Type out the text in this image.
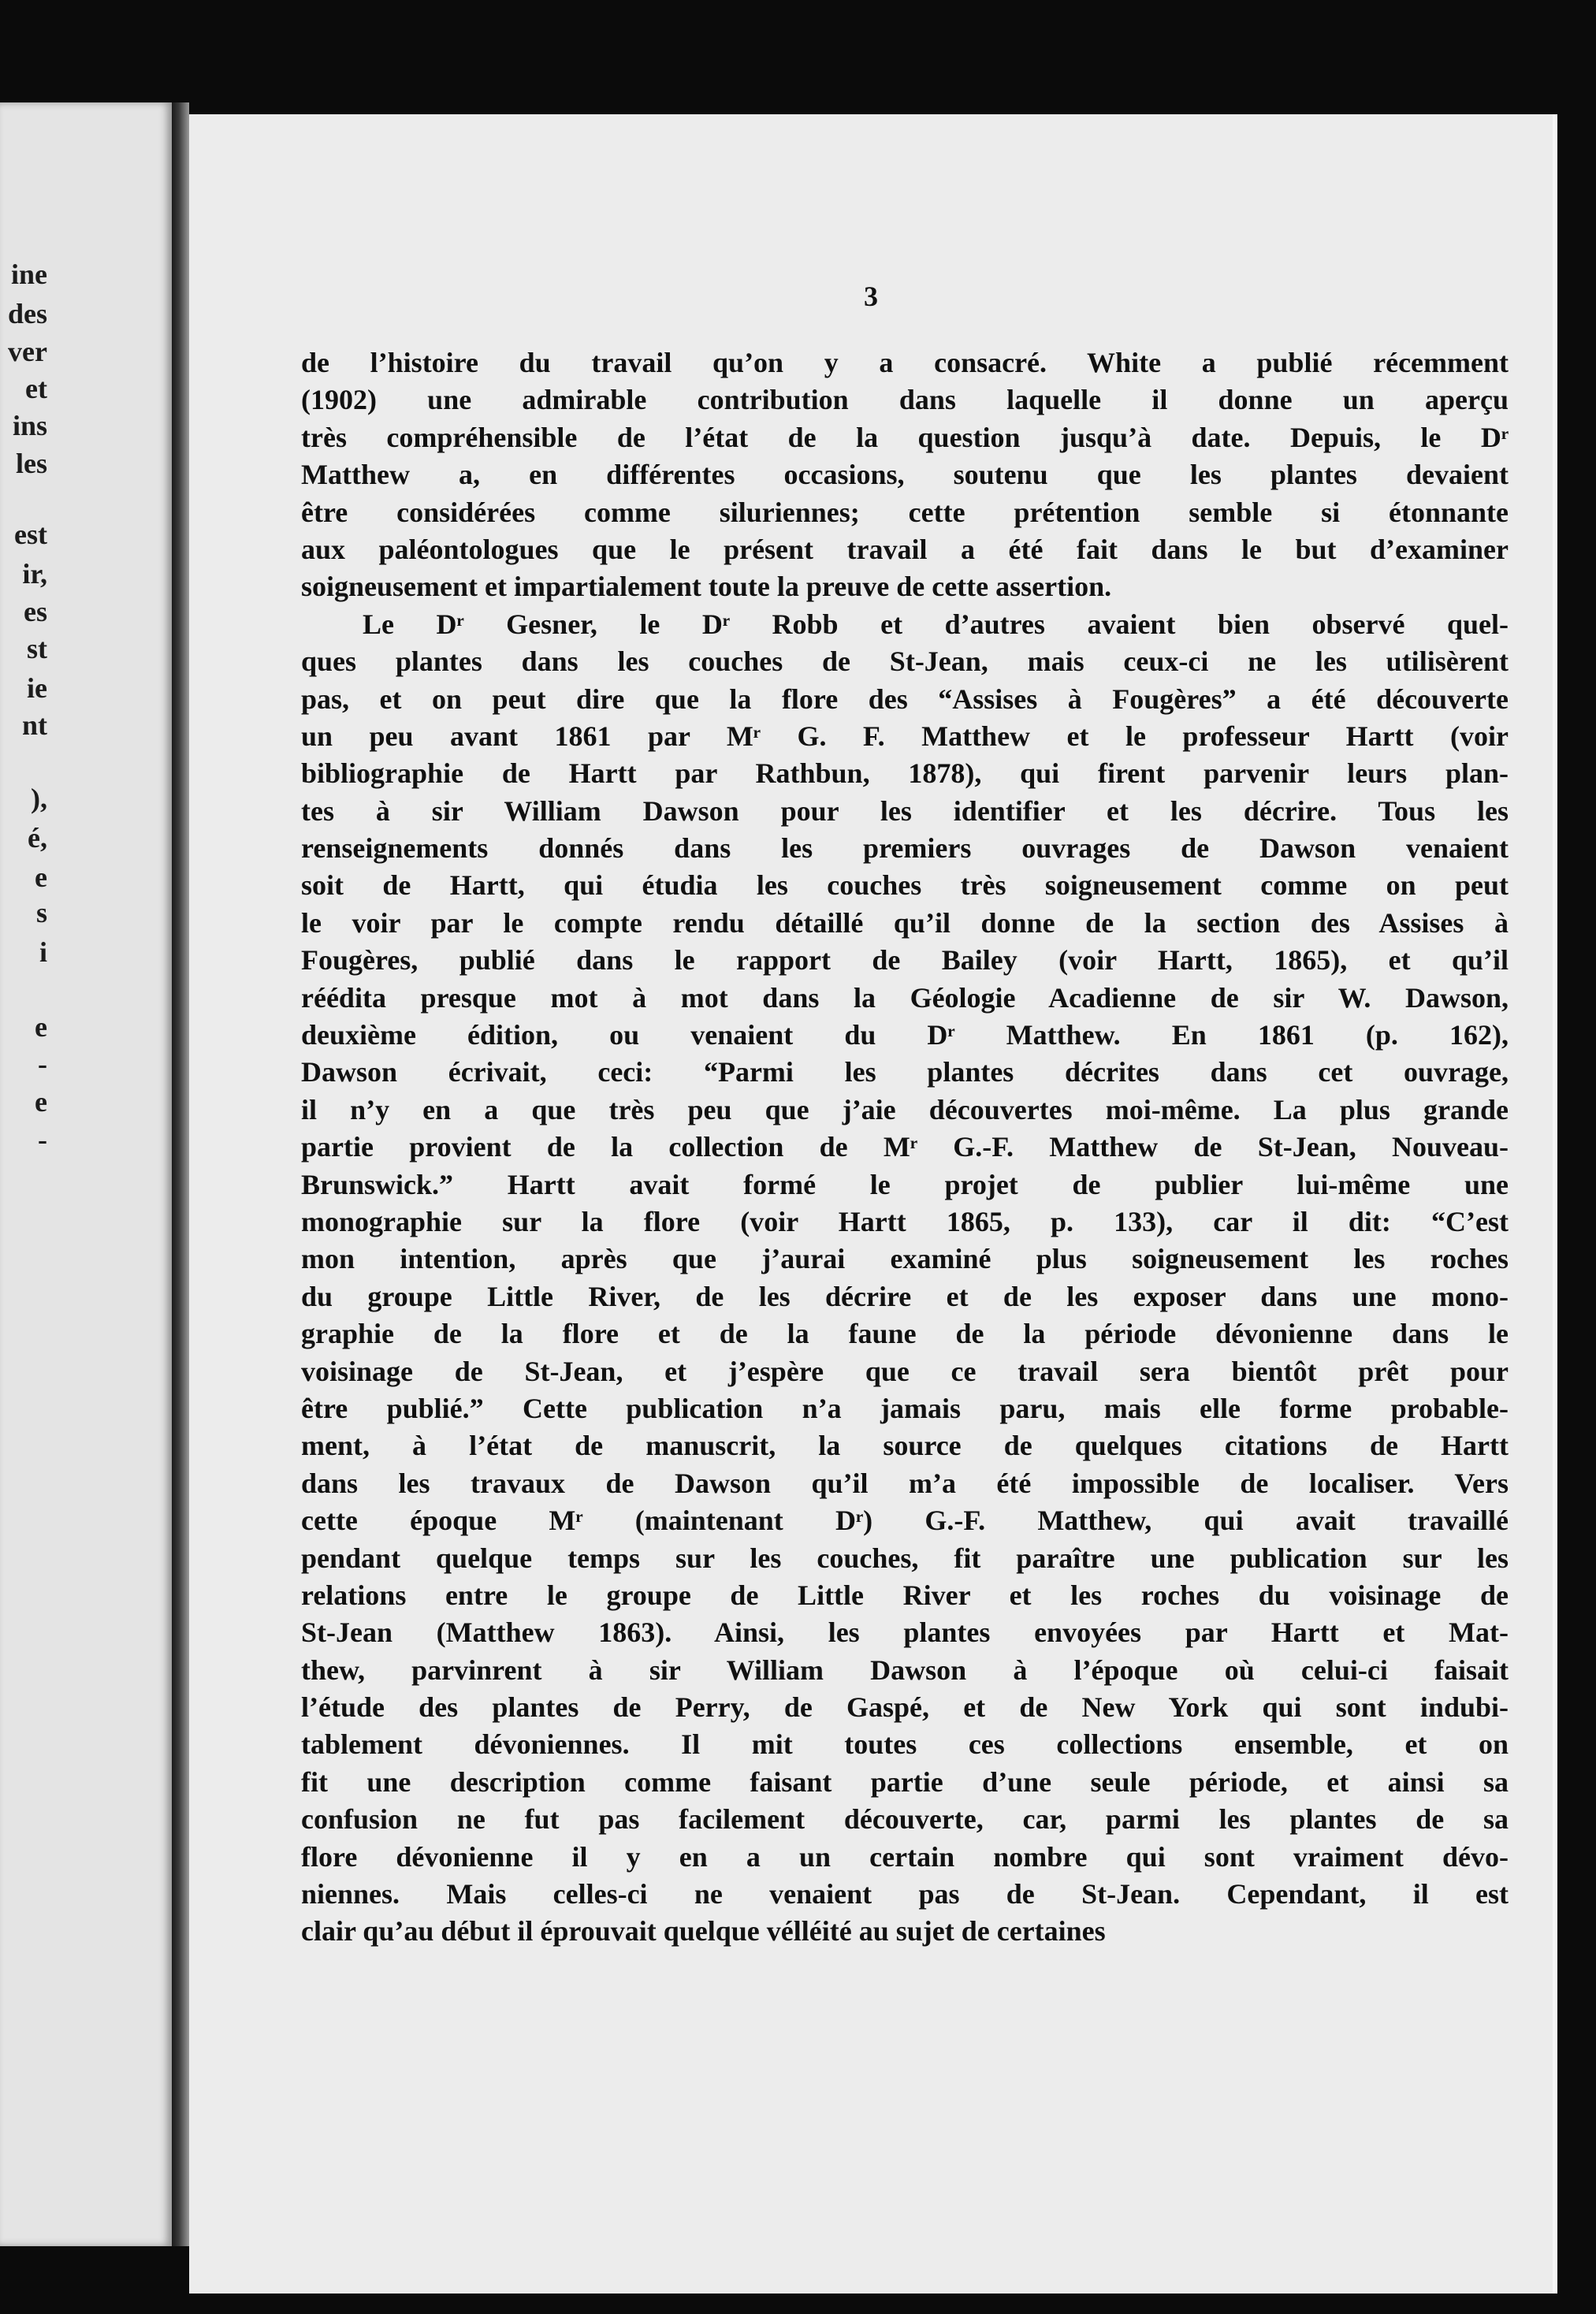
ine
des
ver
et
ins
les
est
ir,
es
st
ie
nt
),
é,
e
s
i
e
-
e
-
3
de l’histoire du travail qu’on y a consacré. White a publié récemment
(1902) une admirable contribution dans laquelle il donne un aperçu
très compréhensible de l’état de la question jusqu’à date. Depuis, le Dʳ
Matthew a, en différentes occasions, soutenu que les plantes devaient
être considérées comme siluriennes; cette prétention semble si étonnante
aux paléontologues que le présent travail a été fait dans le but d’examiner
soigneusement et impartialement toute la preuve de cette assertion.
Le Dʳ Gesner, le Dʳ Robb et d’autres avaient bien observé quel-
ques plantes dans les couches de St-Jean, mais ceux-ci ne les utilisèrent
pas, et on peut dire que la flore des “Assises à Fougères” a été découverte
un peu avant 1861 par Mʳ G. F. Matthew et le professeur Hartt (voir
bibliographie de Hartt par Rathbun, 1878), qui firent parvenir leurs plan-
tes à sir William Dawson pour les identifier et les décrire. Tous les
renseignements donnés dans les premiers ouvrages de Dawson venaient
soit de Hartt, qui étudia les couches très soigneusement comme on peut
le voir par le compte rendu détaillé qu’il donne de la section des Assises à
Fougères, publié dans le rapport de Bailey (voir Hartt, 1865), et qu’il
réédita presque mot à mot dans la Géologie Acadienne de sir W. Dawson,
deuxième édition, ou venaient du Dʳ Matthew. En 1861 (p. 162),
Dawson écrivait, ceci: “Parmi les plantes décrites dans cet ouvrage,
il n’y en a que très peu que j’aie découvertes moi-même. La plus grande
partie provient de la collection de Mʳ G.-F. Matthew de St-Jean, Nouveau-
Brunswick.” Hartt avait formé le projet de publier lui-même une
monographie sur la flore (voir Hartt 1865, p. 133), car il dit: “C’est
mon intention, après que j’aurai examiné plus soigneusement les roches
du groupe Little River, de les décrire et de les exposer dans une mono-
graphie de la flore et de la faune de la période dévonienne dans le
voisinage de St-Jean, et j’espère que ce travail sera bientôt prêt pour
être publié.” Cette publication n’a jamais paru, mais elle forme probable-
ment, à l’état de manuscrit, la source de quelques citations de Hartt
dans les travaux de Dawson qu’il m’a été impossible de localiser. Vers
cette époque Mʳ (maintenant Dʳ) G.-F. Matthew, qui avait travaillé
pendant quelque temps sur les couches, fit paraître une publication sur les
relations entre le groupe de Little River et les roches du voisinage de
St-Jean (Matthew 1863). Ainsi, les plantes envoyées par Hartt et Mat-
thew, parvinrent à sir William Dawson à l’époque où celui-ci faisait
l’étude des plantes de Perry, de Gaspé, et de New York qui sont indubi-
tablement dévoniennes. Il mit toutes ces collections ensemble, et on
fit une description comme faisant partie d’une seule période, et ainsi sa
confusion ne fut pas facilement découverte, car, parmi les plantes de sa
flore dévonienne il y en a un certain nombre qui sont vraiment dévo-
niennes. Mais celles-ci ne venaient pas de St-Jean. Cependant, il est
clair qu’au début il éprouvait quelque vélléité au sujet de certaines
